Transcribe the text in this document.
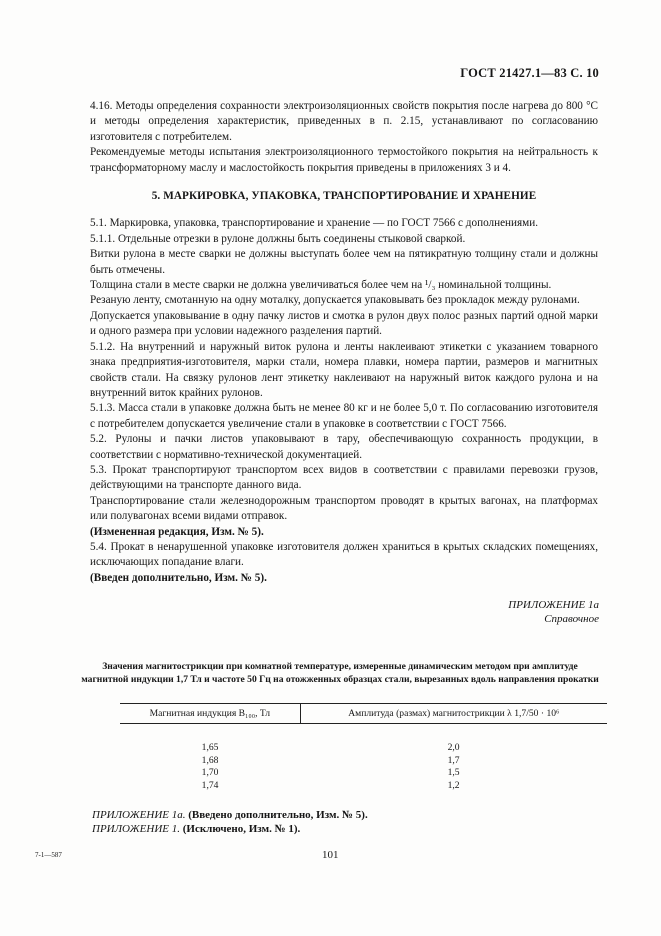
ГОСТ 21427.1—83 С. 10

4.16. Методы определения сохранности электроизоляционных свойств покрытия после нагрева до 800 °С и методы определения характеристик, приведенных в п. 2.15, устанавливают по согласованию изготовителя с потребителем.

Рекомендуемые методы испытания электроизоляционного термостойкого покрытия на нейтральность к трансформаторному маслу и маслостойкость покрытия приведены в приложениях 3 и 4.

5. МАРКИРОВКА, УПАКОВКА, ТРАНСПОРТИРОВАНИЕ И ХРАНЕНИЕ

5.1. Маркировка, упаковка, транспортирование и хранение — по ГОСТ 7566 с дополнениями.

5.1.1. Отдельные отрезки в рулоне должны быть соединены стыковой сваркой.

Витки рулона в месте сварки не должны выступать более чем на пятикратную толщину стали и должны быть отмечены.

Толщина стали в месте сварки не должна увеличиваться более чем на ¹/₃ номинальной толщины.

Резаную ленту, смотанную на одну моталку, допускается упаковывать без прокладок между рулонами.

Допускается упаковывание в одну пачку листов и смотка в рулон двух полос разных партий одной марки и одного размера при условии надежного разделения партий.

5.1.2. На внутренний и наружный виток рулона и ленты наклеивают этикетки с указанием товарного знака предприятия-изготовителя, марки стали, номера плавки, номера партии, размеров и магнитных свойств стали. На связку рулонов лент этикетку наклеивают на наружный виток каждого рулона и на внутренний виток крайних рулонов.

5.1.3. Масса стали в упаковке должна быть не менее 80 кг и не более 5,0 т. По согласованию изготовителя с потребителем допускается увеличение стали в упаковке в соответствии с ГОСТ 7566.

5.2. Рулоны и пачки листов упаковывают в тару, обеспечивающую сохранность продукции, в соответствии с нормативно-технической документацией.

5.3. Прокат транспортируют транспортом всех видов в соответствии с правилами перевозки грузов, действующими на транспорте данного вида.

Транспортирование стали железнодорожным транспортом проводят в крытых вагонах, на платформах или полувагонах всеми видами отправок.

(Измененная редакция, Изм. № 5).

5.4. Прокат в ненарушенной упаковке изготовителя должен храниться в крытых складских помещениях, исключающих попадание влаги.

(Введен дополнительно, Изм. № 5).

ПРИЛОЖЕНИЕ 1а
Справочное
Значения магнитострикции при комнатной температуре, измеренные динамическим методом при амплитуде магнитной индукции 1,7 Тл и частоте 50 Гц на отожженных образцах стали, вырезанных вдоль направления прокатки
Магнитная индукция B₁₀₀, Тл	Амплитуда (размах) магнитострикции λ 1,7/50 · 10⁶
1,65	2,0
1,68	1,7
1,70	1,5
1,74	1,2
ПРИЛОЖЕНИЕ 1а. (Введено дополнительно, Изм. № 5).
ПРИЛОЖЕНИЕ 1. (Исключено, Изм. № 1).
7-1—587	101
